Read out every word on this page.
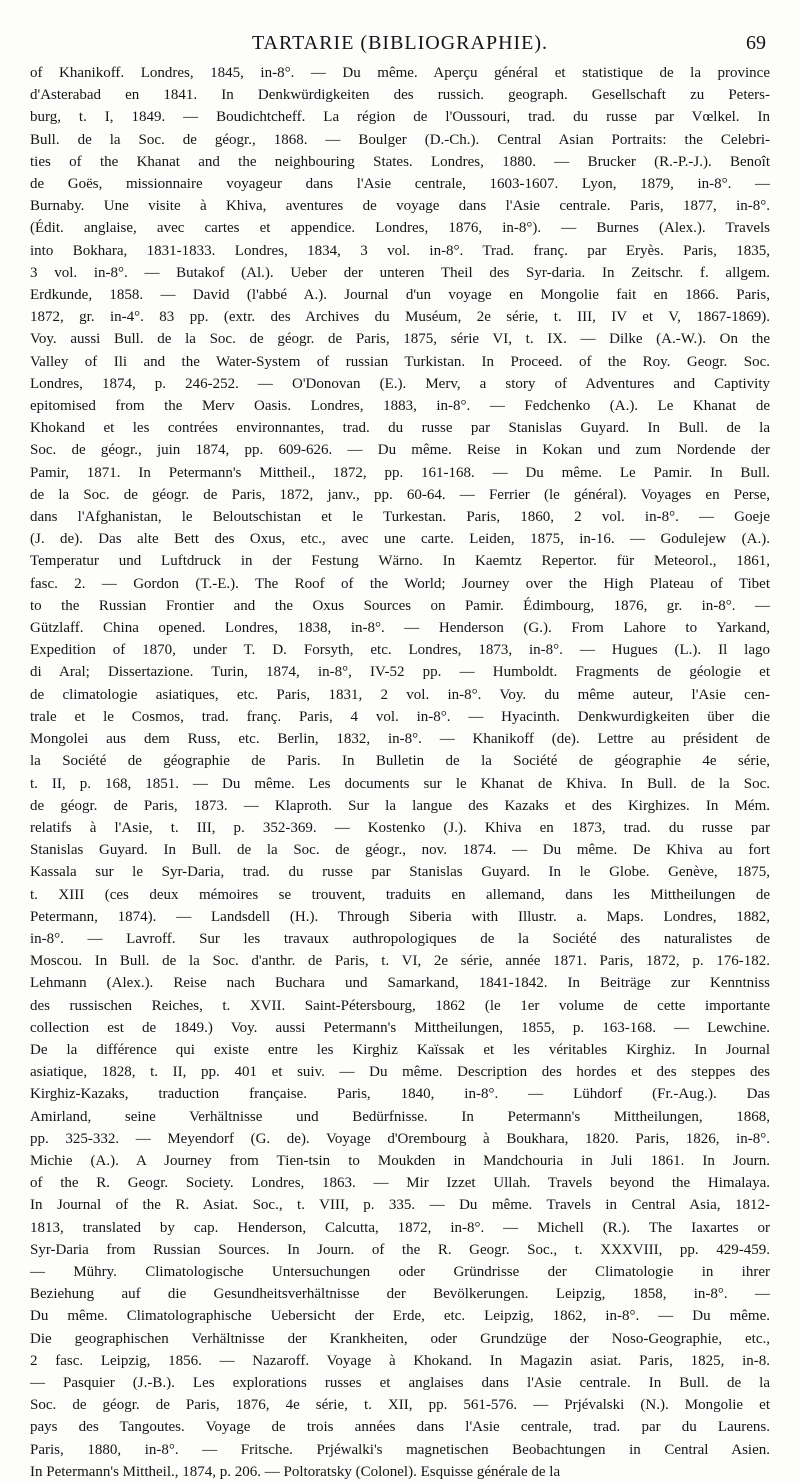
TARTARIE (BIBLIOGRAPHIE).	69
of Khanikoff. Londres, 1845, in-8°. — Du même. Aperçu général et statistique de la province
d'Asterabad en 1841. In Denkwürdigkeiten des russich. geograph. Gesellschaft zu Peters-
burg, t. I, 1849. — Boudichtcheff. La région de l'Oussouri, trad. du russe par Vœlkel. In
Bull. de la Soc. de géogr., 1868. — Boulger (D.-Ch.). Central Asian Portraits: the Celebri-
ties of the Khanat and the neighbouring States. Londres, 1880. — Brucker (R.-P.-J.). Benoît
de Goës, missionnaire voyageur dans l'Asie centrale, 1603-1607. Lyon, 1879, in-8°. —
Burnaby. Une visite à Khiva, aventures de voyage dans l'Asie centrale. Paris, 1877, in-8°.
(Édit. anglaise, avec cartes et appendice. Londres, 1876, in-8°). — Burnes (Alex.). Travels
into Bokhara, 1831-1833. Londres, 1834, 3 vol. in-8°. Trad. franç. par Eryès. Paris, 1835,
3 vol. in-8°. — Butakof (Al.). Ueber der unteren Theil des Syr-daria. In Zeitschr. f. allgem.
Erdkunde, 1858. — David (l'abbé A.). Journal d'un voyage en Mongolie fait en 1866. Paris,
1872, gr. in-4°. 83 pp. (extr. des Archives du Muséum, 2e série, t. III, IV et V, 1867-1869).
Voy. aussi Bull. de la Soc. de géogr. de Paris, 1875, série VI, t. IX. — Dilke (A.-W.). On the
Valley of Ili and the Water-System of russian Turkistan. In Proceed. of the Roy. Geogr. Soc.
Londres, 1874, p. 246-252. — O'Donovan (E.). Merv, a story of Adventures and Captivity
epitomised from the Merv Oasis. Londres, 1883, in-8°. — Fedchenko (A.). Le Khanat de
Khokand et les contrées environnantes, trad. du russe par Stanislas Guyard. In Bull. de la
Soc. de géogr., juin 1874, pp. 609-626. — Du même. Reise in Kokan und zum Nordende der
Pamir, 1871. In Petermann's Mittheil., 1872, pp. 161-168. — Du même. Le Pamir. In Bull.
de la Soc. de géogr. de Paris, 1872, janv., pp. 60-64. — Ferrier (le général). Voyages en Perse,
dans l'Afghanistan, le Beloutschistan et le Turkestan. Paris, 1860, 2 vol. in-8°. — Goeje
(J. de). Das alte Bett des Oxus, etc., avec une carte. Leiden, 1875, in-16. — Godulejew (A.).
Temperatur und Luftdruck in der Festung Wärno. In Kaemtz Repertor. für Meteorol., 1861,
fasc. 2. — Gordon (T.-E.). The Roof of the World; Journey over the High Plateau of Tibet
to the Russian Frontier and the Oxus Sources on Pamir. Édimbourg, 1876, gr. in-8°. —
Gützlaff. China opened. Londres, 1838, in-8°. — Henderson (G.). From Lahore to Yarkand,
Expedition of 1870, under T. D. Forsyth, etc. Londres, 1873, in-8°. — Hugues (L.). Il lago
di Aral; Dissertazione. Turin, 1874, in-8°, IV-52 pp. — Humboldt. Fragments de géologie et
de climatologie asiatiques, etc. Paris, 1831, 2 vol. in-8°. Voy. du même auteur, l'Asie cen-
trale et le Cosmos, trad. franç. Paris, 4 vol. in-8°. — Hyacinth. Denkwurdigkeiten über die
Mongolei aus dem Russ, etc. Berlin, 1832, in-8°. — Khanikoff (de). Lettre au président de
la Société de géographie de Paris. In Bulletin de la Société de géographie 4e série,
t. II, p. 168, 1851. — Du même. Les documents sur le Khanat de Khiva. In Bull. de la Soc.
de géogr. de Paris, 1873. — Klaproth. Sur la langue des Kazaks et des Kirghizes. In Mém.
relatifs à l'Asie, t. III, p. 352-369. — Kostenko (J.). Khiva en 1873, trad. du russe par
Stanislas Guyard. In Bull. de la Soc. de géogr., nov. 1874. — Du même. De Khiva au fort
Kassala sur le Syr-Daria, trad. du russe par Stanislas Guyard. In le Globe. Genève, 1875,
t. XIII (ces deux mémoires se trouvent, traduits en allemand, dans les Mittheilungen de
Petermann, 1874). — Landsdell (H.). Through Siberia with Illustr. a. Maps. Londres, 1882,
in-8°. — Lavroff. Sur les travaux authropologiques de la Société des naturalistes de
Moscou. In Bull. de la Soc. d'anthr. de Paris, t. VI, 2e série, année 1871. Paris, 1872, p. 176-182.
Lehmann (Alex.). Reise nach Buchara und Samarkand, 1841-1842. In Beiträge zur Kenntniss
des russischen Reiches, t. XVII. Saint-Pétersbourg, 1862 (le 1er volume de cette importante
collection est de 1849.) Voy. aussi Petermann's Mittheilungen, 1855, p. 163-168. — Lewchine.
De la différence qui existe entre les Kirghiz Kaïssak et les véritables Kirghiz. In Journal
asiatique, 1828, t. II, pp. 401 et suiv. — Du même. Description des hordes et des steppes des
Kirghiz-Kazaks, traduction française. Paris, 1840, in-8°. — Lühdorf (Fr.-Aug.). Das
Amirland, seine Verhältnisse und Bedürfnisse. In Petermann's Mittheilungen, 1868,
pp. 325-332. — Meyendorf (G. de). Voyage d'Orembourg à Boukhara, 1820. Paris, 1826, in-8°.
Michie (A.). A Journey from Tien-tsin to Moukden in Mandchouria in Juli 1861. In Journ.
of the R. Geogr. Society. Londres, 1863. — Mir Izzet Ullah. Travels beyond the Himalaya.
In Journal of the R. Asiat. Soc., t. VIII, p. 335. — Du même. Travels in Central Asia, 1812-
1813, translated by cap. Henderson, Calcutta, 1872, in-8°. — Michell (R.). The Iaxartes or
Syr-Daria from Russian Sources. In Journ. of the R. Geogr. Soc., t. XXXVIII, pp. 429-459.
— Mühry. Climatologische Untersuchungen oder Gründrisse der Climatologie in ihrer
Beziehung auf die Gesundheitsverhältnisse der Bevölkerungen. Leipzig, 1858, in-8°. —
Du même. Climatolographische Uebersicht der Erde, etc. Leipzig, 1862, in-8°. — Du même.
Die geographischen Verhältnisse der Krankheiten, oder Grundzüge der Noso-Geographie, etc.,
2 fasc. Leipzig, 1856. — Nazaroff. Voyage à Khokand. In Magazin asiat. Paris, 1825, in-8.
— Pasquier (J.-B.). Les explorations russes et anglaises dans l'Asie centrale. In Bull. de la
Soc. de géogr. de Paris, 1876, 4e série, t. XII, pp. 561-576. — Prjévalski (N.). Mongolie et
pays des Tangoutes. Voyage de trois années dans l'Asie centrale, trad. par du Laurens.
Paris, 1880, in-8°. — Fritsche. Prjéwalki's magnetischen Beobachtungen in Central Asien.
In Petermann's Mittheil., 1874, p. 206. — Poltoratsky (Colonel). Esquisse générale de la
